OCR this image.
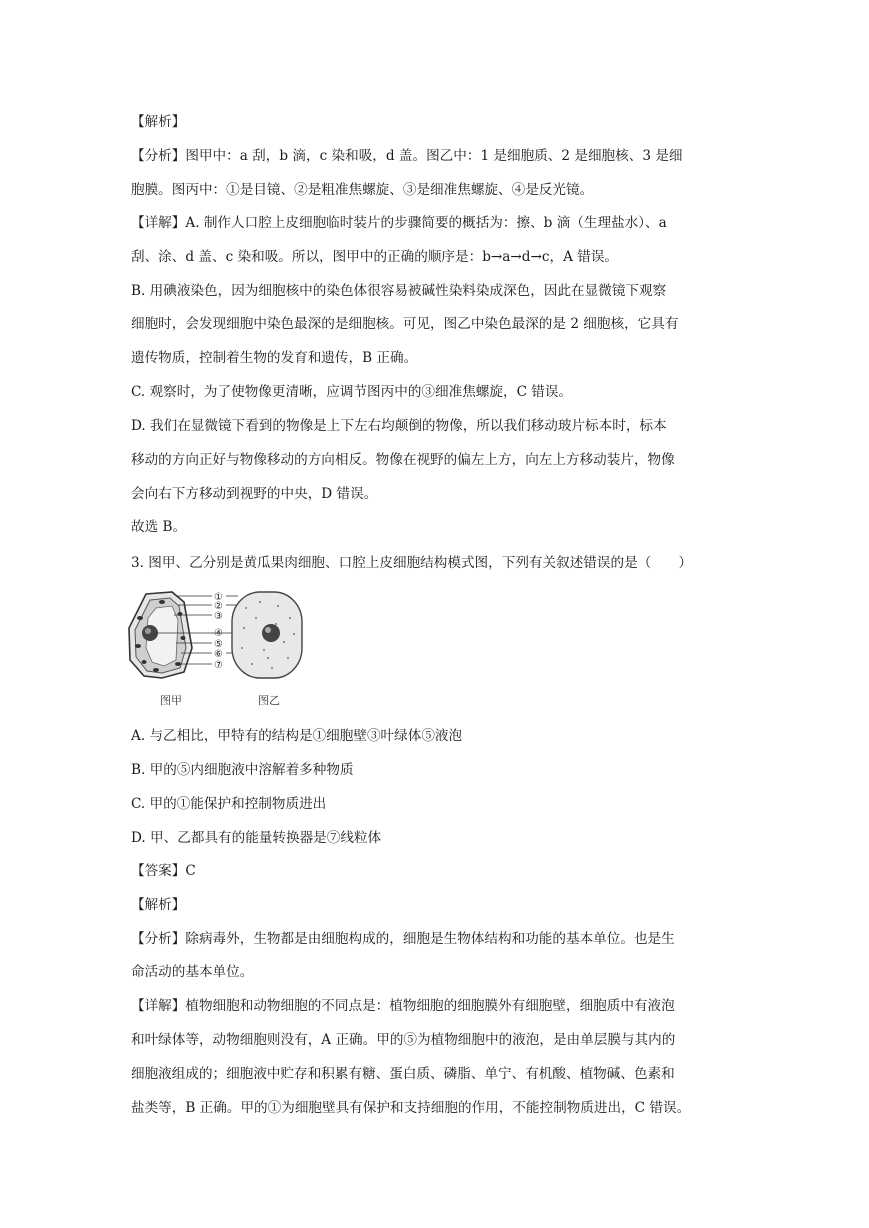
【解析】
【分析】图甲中：a 刮，b 滴，c 染和吸，d 盖。图乙中：1 是细胞质、2 是细胞核、3 是细
胞膜。图丙中：①是目镜、②是粗准焦螺旋、③是细准焦螺旋、④是反光镜。
【详解】A. 制作人口腔上皮细胞临时装片的步骤简要的概括为：擦、b 滴（生理盐水）、a
刮、涂、d 盖、c 染和吸。所以，图甲中的正确的顺序是：b→a→d→c，A 错误。
B. 用碘液染色，因为细胞核中的染色体很容易被碱性染料染成深色，因此在显微镜下观察
细胞时，会发现细胞中染色最深的是细胞核。可见，图乙中染色最深的是 2 细胞核，它具有
遗传物质，控制着生物的发育和遗传，B 正确。
C. 观察时，为了使物像更清晰，应调节图丙中的③细准焦螺旋，C 错误。
D. 我们在显微镜下看到的物像是上下左右均颠倒的物像，所以我们移动玻片标本时，标本
移动的方向正好与物像移动的方向相反。物像在视野的偏左上方，向左上方移动装片，物像
会向右下方移动到视野的中央，D 错误。
故选 B。
3. 图甲、乙分别是黄瓜果肉细胞、口腔上皮细胞结构模式图，下列有关叙述错误的是（　　）
①
②
③
④
⑤
⑥
⑦
图甲	图乙
A. 与乙相比，甲特有的结构是①细胞壁③叶绿体⑤液泡
B. 甲的⑤内细胞液中溶解着多种物质
C. 甲的①能保护和控制物质进出
D. 甲、乙都具有的能量转换器是⑦线粒体
【答案】C
【解析】
【分析】除病毒外，生物都是由细胞构成的，细胞是生物体结构和功能的基本单位。也是生
命活动的基本单位。
【详解】植物细胞和动物细胞的不同点是：植物细胞的细胞膜外有细胞壁，细胞质中有液泡
和叶绿体等，动物细胞则没有，A 正确。甲的⑤为植物细胞中的液泡，是由单层膜与其内的
细胞液组成的；细胞液中贮存和积累有糖、蛋白质、磷脂、单宁、有机酸、植物碱、色素和
盐类等，B 正确。甲的①为细胞壁具有保护和支持细胞的作用，不能控制物质进出，C 错误。
